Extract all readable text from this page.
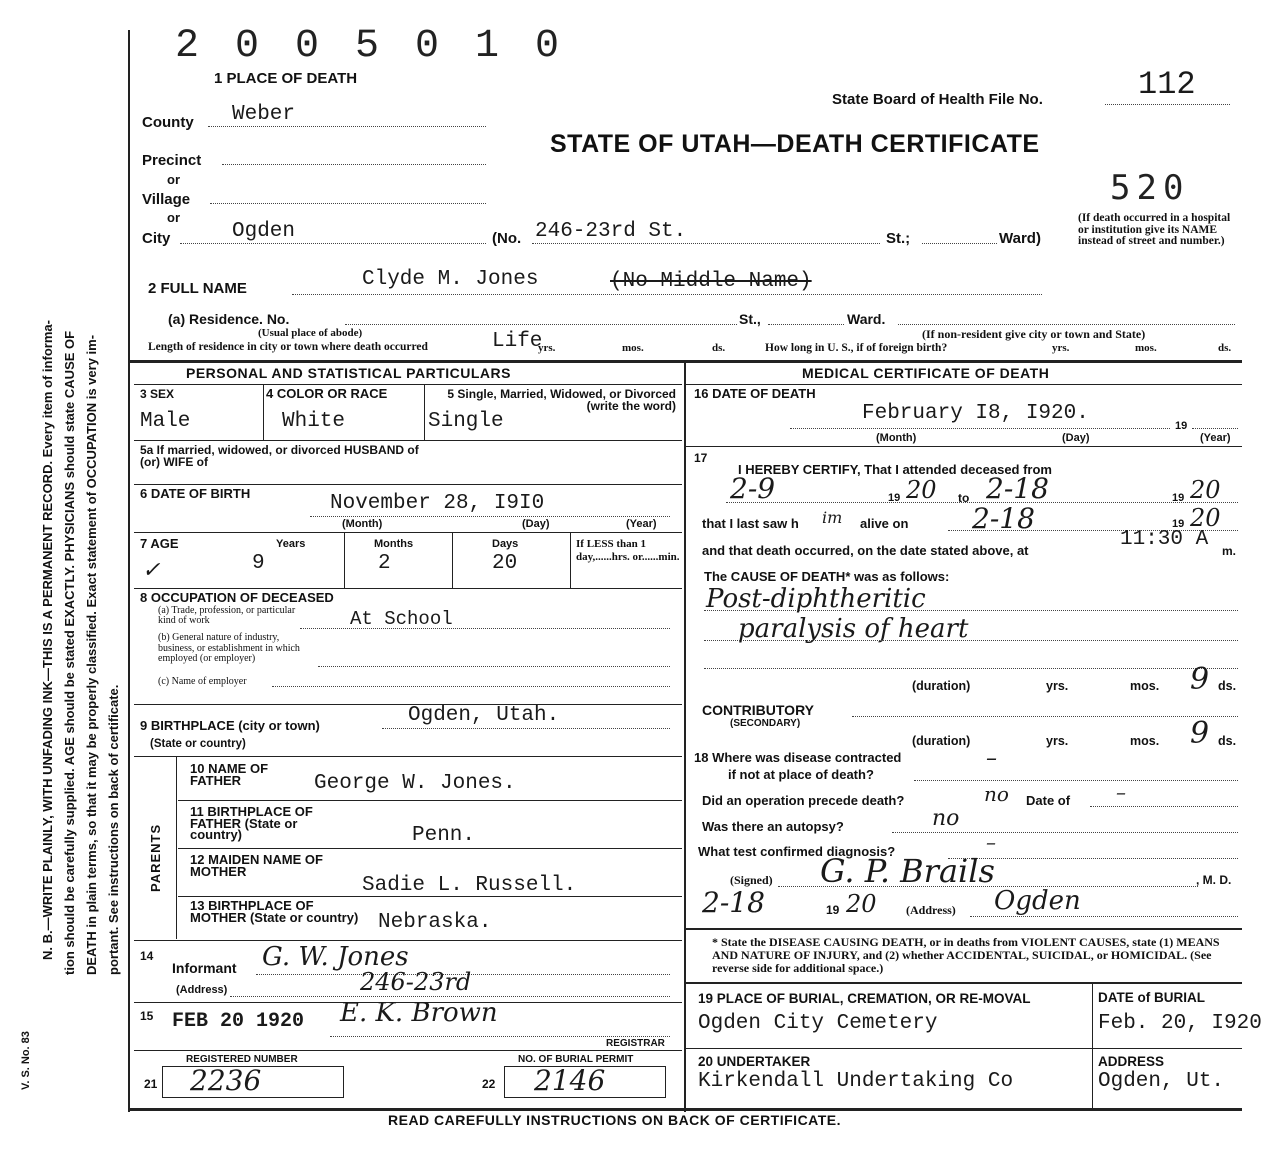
N. B.—WRITE PLAINLY, WITH UNFADING INK—THIS IS A PERMANENT RECORD. Every item of informa- tion should be carefully supplied. AGE should be stated EXACTLY. PHYSICIANS should state CAUSE OF DEATH in plain terms, so that it may be properly classified. Exact statement of OCCUPATION is very im- portant. See instructions on back of certificate.
V. S. No. 83
2 0 0 5 0 1 0
1 PLACE OF DEATH
State Board of Health File No.	112
STATE OF UTAH—DEATH CERTIFICATE
County Weber
Precinct
or
Village
or
City	Ogden	(No. 246-23rd St.	St.;	Ward)
520
(If death occurred in a hospital or institution give its NAME instead of street and number.)
2 FULL NAME	Clyde M. Jones	(No Middle Name)
(a) Residence. No.	St.,	Ward.
(Usual place of abode)	(If non-resident give city or town and State)
Length of residence in city or town where death occurred	Life
yrs.	mos.	ds.	How long in U. S., if of foreign birth?	yrs.	mos.	ds.
PERSONAL AND STATISTICAL PARTICULARS
3 SEX
Male
4 COLOR OR RACE
White
5 Single, Married, Widowed, or Divorced (write the word)
Single
5a If married, widowed, or divorced HUSBAND of (or) WIFE of
6 DATE OF BIRTH	November 28, I9I0
(Month)	(Day)	(Year)
7 AGE	Years	Months	Days	If LESS than 1 day,......hrs. or......min.
✓	9	2	20
8 OCCUPATION OF DECEASED
(a) Trade, profession, or particular kind of work	At School
(b) General nature of industry, business, or establishment in which employed (or employer)
(c) Name of employer
9 BIRTHPLACE (city or town)
(State or country)
Ogden, Utah.
PARENTS
10 NAME OF FATHER	George W. Jones.
11 BIRTHPLACE OF FATHER (State or country)	Penn.
12 MAIDEN NAME OF MOTHER
Sadie L. Russell.
13 BIRTHPLACE OF MOTHER (State or country) Nebraska.
14
Informant G. W. Jones
(Address)	246-23rd
15 FEB 20 1920 E. K. Brown
REGISTRAR
REGISTERED NUMBER	NO. OF BURIAL PERMIT
21 2236	22 2146
MEDICAL CERTIFICATE OF DEATH
16 DATE OF DEATH
February I8, I920.
19
(Month)	(Day)	(Year)
17
I HEREBY CERTIFY, That I attended deceased from
2-9	19 20 to 2-18	19 20
that I last saw h im alive on 2-18	19 20
and that death occurred, on the date stated above, at	11:30 A m.
The CAUSE OF DEATH* was as follows:
Post-diphtheritic
paralysis of heart
(duration)	yrs.	mos. 9 ds.
CONTRIBUTORY
(SECONDARY)
(duration)	yrs.	mos. 9 ds.
18 Where was disease contracted
if not at place of death?
–
Did an operation precede death?	no Date of –
Was there an autopsy?	no
What test confirmed diagnosis?	–
(Signed) G. P. Brails	, M. D.
2-18	19 20 (Address) Ogden
* State the DISEASE CAUSING DEATH, or in deaths from VIOLENT CAUSES, state (1) MEANS AND NATURE OF INJURY, and (2) whether ACCIDENTAL, SUICIDAL, or HOMICIDAL. (See reverse side for additional space.)
19 PLACE OF BURIAL, CREMATION, OR RE-MOVAL
Ogden City Cemetery
DATE of BURIAL
Feb. 20, I920
20 UNDERTAKER
Kirkendall Undertaking Co
ADDRESS
Ogden, Ut.
READ CAREFULLY INSTRUCTIONS ON BACK OF CERTIFICATE.
